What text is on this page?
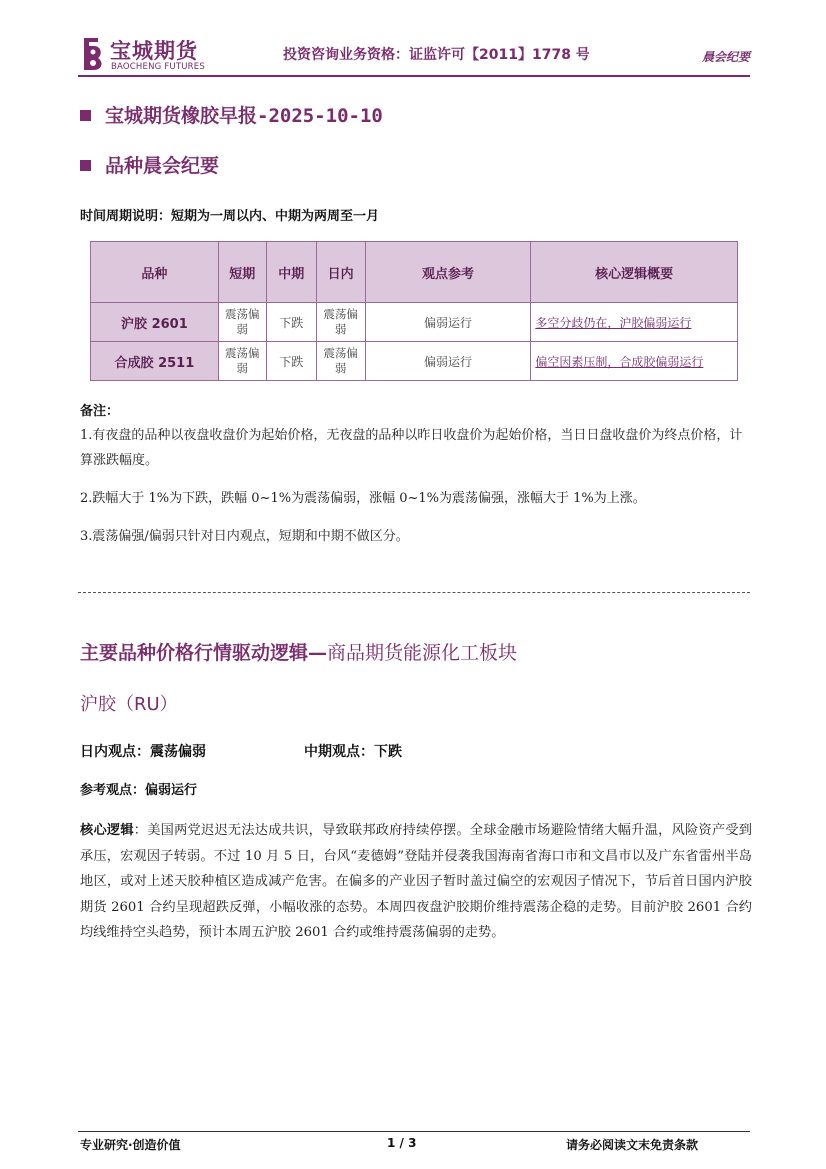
宝城期货
BAOCHENG FUTURES
投资咨询业务资格：证监许可【2011】1778 号	晨会纪要
宝城期货橡胶早报-2025-10-10
品种晨会纪要
时间周期说明：短期为一周以内、中期为两周至一月
品种	短期	中期	日内	观点参考	核心逻辑概要
沪胶 2601	震荡偏弱	下跌	震荡偏弱	偏弱运行	多空分歧仍在，沪胶偏弱运行
合成胶 2511	震荡偏弱	下跌	震荡偏弱	偏弱运行	偏空因素压制，合成胶偏弱运行
备注：
1.有夜盘的品种以夜盘收盘价为起始价格，无夜盘的品种以昨日收盘价为起始价格，当日日盘收盘价为终点价格，计算涨跌幅度。
2.跌幅大于 1%为下跌，跌幅 0~1%为震荡偏弱，涨幅 0~1%为震荡偏强，涨幅大于 1%为上涨。
3.震荡偏强/偏弱只针对日内观点，短期和中期不做区分。
主要品种价格行情驱动逻辑—商品期货能源化工板块
沪胶（RU）
日内观点：震荡偏弱	中期观点：下跌
参考观点：偏弱运行
核心逻辑：美国两党迟迟无法达成共识，导致联邦政府持续停摆。全球金融市场避险情绪大幅升温，风险资产受到承压，宏观因子转弱。不过 10 月 5 日，台风“麦德姆”登陆并侵袭我国海南省海口市和文昌市以及广东省雷州半岛地区，或对上述天胶种植区造成减产危害。在偏多的产业因子暂时盖过偏空的宏观因子情况下，节后首日国内沪胶期货 2601 合约呈现超跌反弹，小幅收涨的态势。本周四夜盘沪胶期价维持震荡企稳的走势。目前沪胶 2601 合约均线维持空头趋势，预计本周五沪胶 2601 合约或维持震荡偏弱的走势。
专业研究·创造价值	1 / 3	请务必阅读文末免责条款
